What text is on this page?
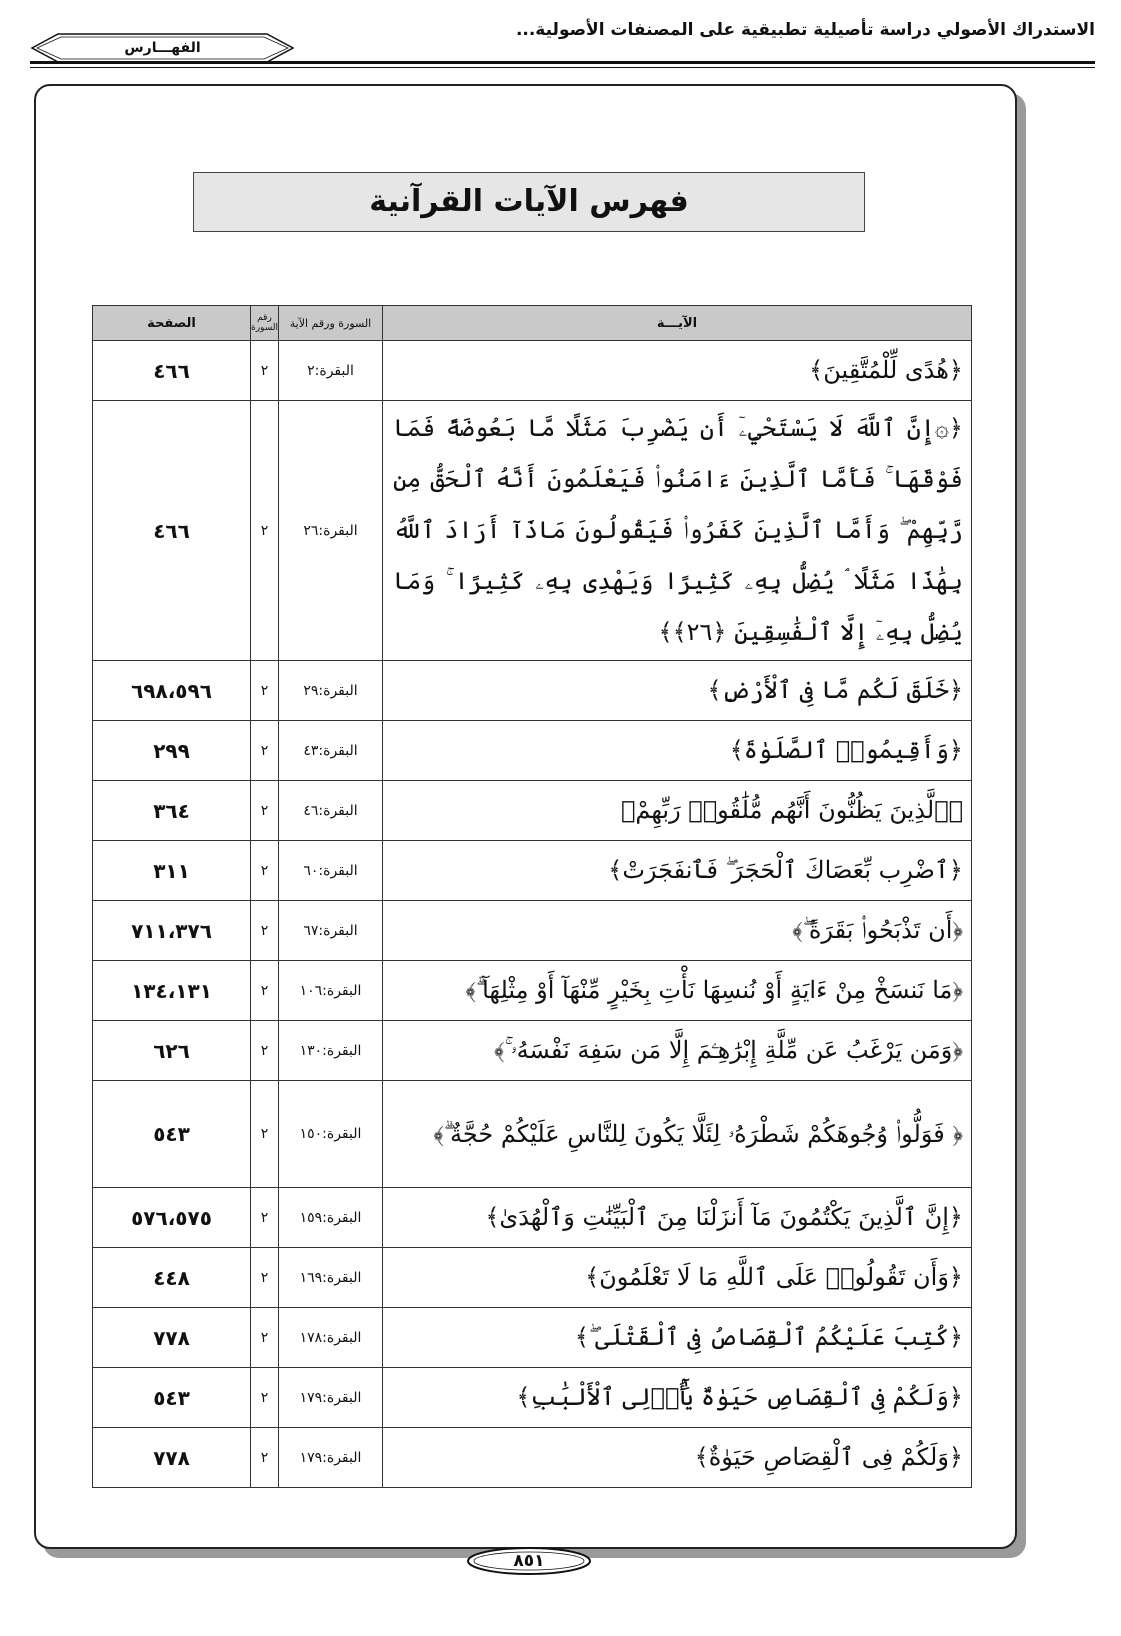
الاستدراك الأصولي دراسة تأصيلية تطبيقية على المصنفات الأصولية...
الفهـــارس
فهرس الآيات القرآنية
الآيـــة	السورة ورقم الآية	رقم السورة	الصفحة
﴿هُدًى لِّلْمُتَّقِينَ﴾	البقرة:٢	٢	٤٦٦
﴿۞إِنَّ ٱللَّهَ لَا يَسْتَحْيِۦٓ أَن يَضْرِبَ مَثَلًا مَّا بَعُوضَةً فَمَا فَوْقَهَا ۚ فَأَمَّا ٱلَّذِينَ ءَامَنُوا۟ فَيَعْلَمُونَ أَنَّهُ ٱلْحَقُّ مِن رَّبِّهِمْ ۖ وَأَمَّا ٱلَّذِينَ كَفَرُوا۟ فَيَقُولُونَ مَاذَآ أَرَادَ ٱللَّهُ بِهَٰذَا مَثَلًا ۘ يُضِلُّ بِهِۦ كَثِيرًا وَيَهْدِى بِهِۦ كَثِيرًا ۚ وَمَا يُضِلُّ بِهِۦٓ إِلَّا ٱلْفَٰسِقِينَ ﴿٢٦﴾﴾	البقرة:٢٦	٢	٤٦٦
﴿خَلَقَ لَكُم مَّا فِى ٱلْأَرْضِ﴾	البقرة:٢٩	٢	٦٩٨،٥٩٦
﴿وَأَقِيمُوا۟ ٱلصَّلَوٰةَ﴾	البقرة:٤٣	٢	٢٩٩
﴿ٱلَّذِينَ يَظُنُّونَ أَنَّهُم مُّلَٰقُوا۟ رَبِّهِمْ﴾	البقرة:٤٦	٢	٣٦٤
﴿ٱضْرِب بِّعَصَاكَ ٱلْحَجَرَ ۖ فَٱنفَجَرَتْ﴾	البقرة:٦٠	٢	٣١١
﴿أَن تَذْبَحُوا۟ بَقَرَةً ۖ﴾	البقرة:٦٧	٢	٧١١،٣٧٦
﴿مَا نَنسَخْ مِنْ ءَايَةٍ أَوْ نُنسِهَا نَأْتِ بِخَيْرٍ مِّنْهَآ أَوْ مِثْلِهَآ ۗ﴾	البقرة:١٠٦	٢	١٣٤،١٣١
﴿وَمَن يَرْغَبُ عَن مِّلَّةِ إِبْرَٰهِـۧمَ إِلَّا مَن سَفِهَ نَفْسَهُۥ ۚ﴾	البقرة:١٣٠	٢	٦٢٦
﴿ فَوَلُّوا۟ وُجُوهَكُمْ شَطْرَهُۥ لِئَلَّا يَكُونَ لِلنَّاسِ عَلَيْكُمْ حُجَّةٌ ۗ﴾	البقرة:١٥٠	٢	٥٤٣
﴿إِنَّ ٱلَّذِينَ يَكْتُمُونَ مَآ أَنزَلْنَا مِنَ ٱلْبَيِّنَٰتِ وَٱلْهُدَىٰ﴾	البقرة:١٥٩	٢	٥٧٦،٥٧٥
﴿وَأَن تَقُولُوا۟ عَلَى ٱللَّهِ مَا لَا تَعْلَمُونَ﴾	البقرة:١٦٩	٢	٤٤٨
﴿كُتِبَ عَلَيْكُمُ ٱلْقِصَاصُ فِى ٱلْقَتْلَى ۖ﴾	البقرة:١٧٨	٢	٧٧٨
﴿وَلَكُمْ فِى ٱلْقِصَاصِ حَيَوٰةٌ يَٰٓأُو۟لِى ٱلْأَلْبَٰبِ﴾	البقرة:١٧٩	٢	٥٤٣
﴿وَلَكُمْ فِى ٱلْقِصَاصِ حَيَوٰةٌ﴾	البقرة:١٧٩	٢	٧٧٨
٨٥١
